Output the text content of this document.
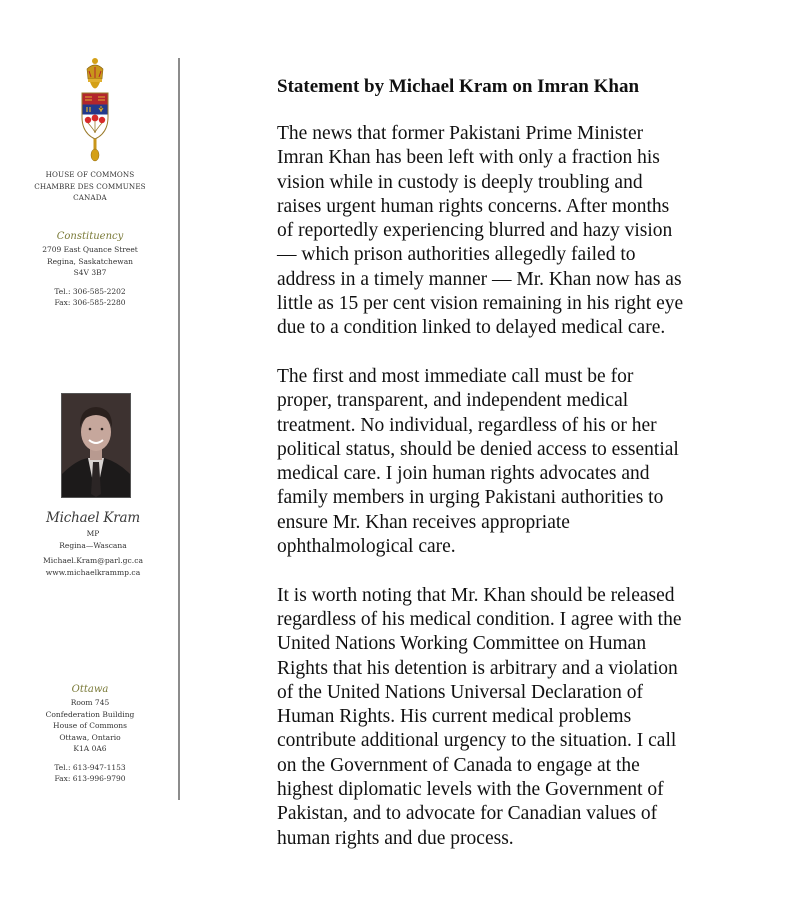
HOUSE OF COMMONS
CHAMBRE DES COMMUNES
CANADA
Constituency
2709 East Quance Street
Regina, Saskatchewan
S4V 3B7
Tel.: 306-585-2202
Fax: 306-585-2280
Michael Kram
MP
Regina—Wascana
Michael.Kram@parl.gc.ca
www.michaelkrammp.ca
Ottawa
Room 745
Confederation Building
House of Commons
Ottawa, Ontario
K1A 0A6
Tel.: 613-947-1153
Fax: 613-996-9790
Statement by Michael Kram on Imran Khan

The news that former Pakistani Prime Minister
Imran Khan has been left with only a fraction his
vision while in custody is deeply troubling and
raises urgent human rights concerns. After months
of reportedly experiencing blurred and hazy vision
— which prison authorities allegedly failed to
address in a timely manner — Mr. Khan now has as
little as 15 per cent vision remaining in his right eye
due to a condition linked to delayed medical care.

The first and most immediate call must be for
proper, transparent, and independent medical
treatment. No individual, regardless of his or her
political status, should be denied access to essential
medical care. I join human rights advocates and
family members in urging Pakistani authorities to
ensure Mr. Khan receives appropriate
ophthalmological care.

It is worth noting that Mr. Khan should be released
regardless of his medical condition. I agree with the
United Nations Working Committee on Human
Rights that his detention is arbitrary and a violation
of the United Nations Universal Declaration of
Human Rights. His current medical problems
contribute additional urgency to the situation. I call
on the Government of Canada to engage at the
highest diplomatic levels with the Government of
Pakistan, and to advocate for Canadian values of
human rights and due process.
